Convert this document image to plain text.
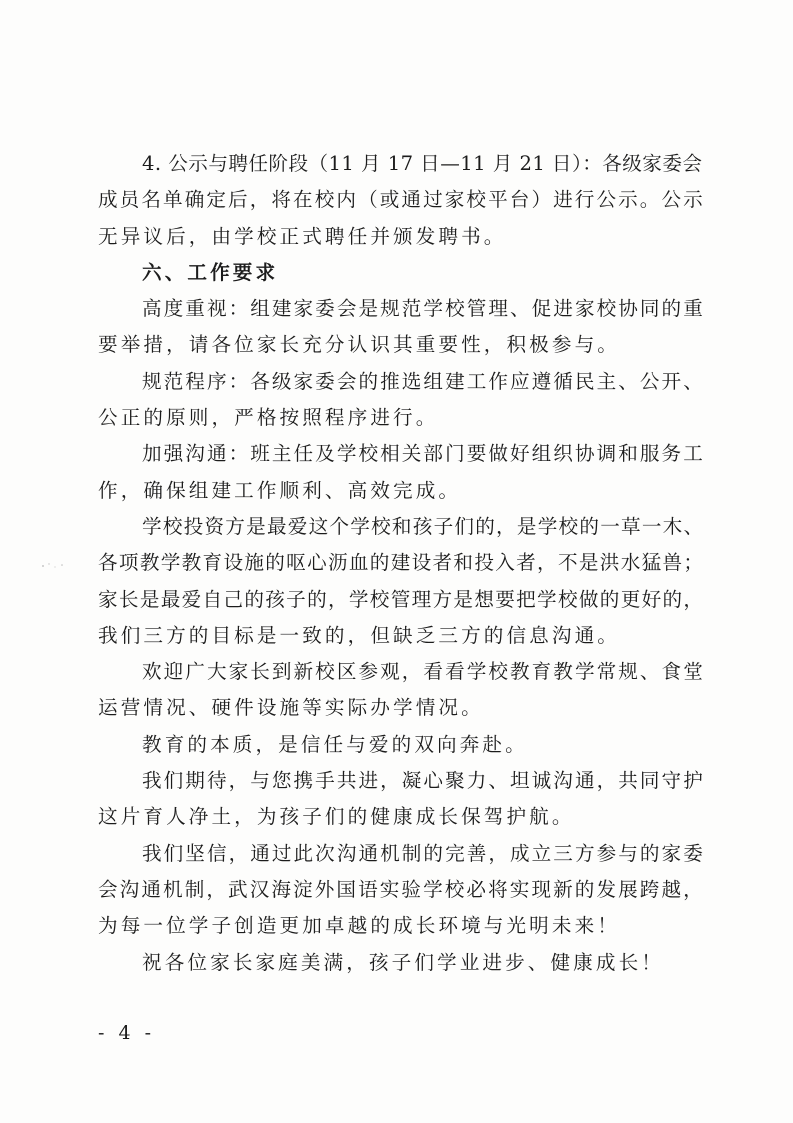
4. 公示与聘任阶段（11 月 17 日—11 月 21 日）：各级家委会
成员名单确定后，将在校内（或通过家校平台）进行公示。公示
无异议后，由学校正式聘任并颁发聘书。
六、工作要求
高度重视：组建家委会是规范学校管理、促进家校协同的重
要举措，请各位家长充分认识其重要性，积极参与。
规范程序：各级家委会的推选组建工作应遵循民主、公开、
公正的原则，严格按照程序进行。
加强沟通：班主任及学校相关部门要做好组织协调和服务工
作，确保组建工作顺利、高效完成。
学校投资方是最爱这个学校和孩子们的，是学校的一草一木、
各项教学教育设施的呕心沥血的建设者和投入者，不是洪水猛兽；
家长是最爱自己的孩子的，学校管理方是想要把学校做的更好的，
我们三方的目标是一致的，但缺乏三方的信息沟通。
欢迎广大家长到新校区参观，看看学校教育教学常规、食堂
运营情况、硬件设施等实际办学情况。
教育的本质，是信任与爱的双向奔赴。
我们期待，与您携手共进，凝心聚力、坦诚沟通，共同守护
这片育人净土，为孩子们的健康成长保驾护航。
我们坚信，通过此次沟通机制的完善，成立三方参与的家委
会沟通机制，武汉海淀外国语实验学校必将实现新的发展跨越，
为每一位学子创造更加卓越的成长环境与光明未来！
祝各位家长家庭美满，孩子们学业进步、健康成长！
- 4 -
